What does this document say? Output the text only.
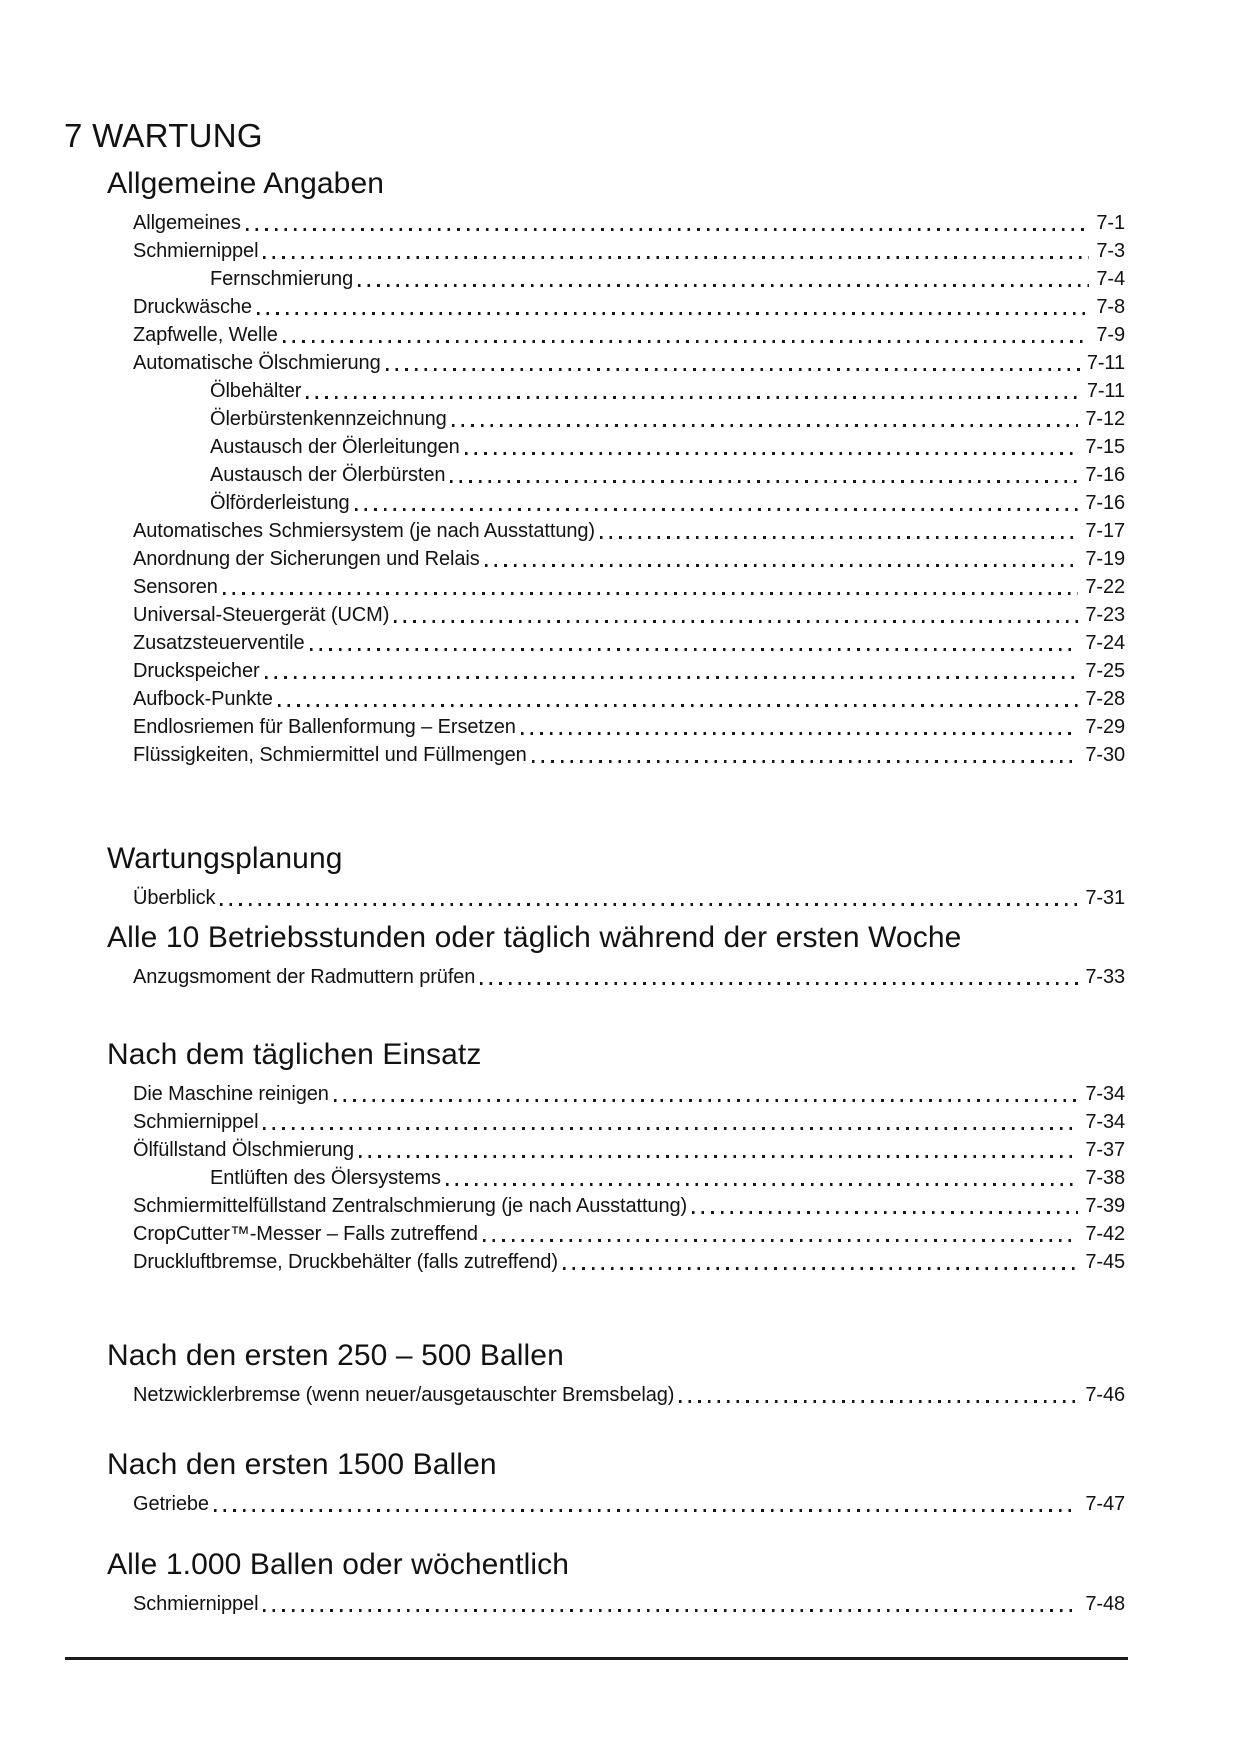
7 WARTUNG
Allgemeine Angaben
Allgemeines	7-1
Schmiernippel	7-3
Fernschmierung	7-4
Druckwäsche	7-8
Zapfwelle, Welle	7-9
Automatische Ölschmierung	7-11
Ölbehälter	7-11
Ölerbürstenkennzeichnung	7-12
Austausch der Ölerleitungen	7-15
Austausch der Ölerbürsten	7-16
Ölförderleistung	7-16
Automatisches Schmiersystem (je nach Ausstattung)	7-17
Anordnung der Sicherungen und Relais	7-19
Sensoren	7-22
Universal-Steuergerät (UCM)	7-23
Zusatzsteuerventile	7-24
Druckspeicher	7-25
Aufbock-Punkte	7-28
Endlosriemen für Ballenformung – Ersetzen	7-29
Flüssigkeiten, Schmiermittel und Füllmengen	7-30
Wartungsplanung
Überblick	7-31
Alle 10 Betriebsstunden oder täglich während der ersten Woche
Anzugsmoment der Radmuttern prüfen	7-33
Nach dem täglichen Einsatz
Die Maschine reinigen	7-34
Schmiernippel	7-34
Ölfüllstand Ölschmierung	7-37
Entlüften des Ölersystems	7-38
Schmiermittelfüllstand Zentralschmierung (je nach Ausstattung)	7-39
CropCutter™-Messer – Falls zutreffend	7-42
Druckluftbremse, Druckbehälter (falls zutreffend)	7-45
Nach den ersten 250 – 500 Ballen
Netzwicklerbremse (wenn neuer/ausgetauschter Bremsbelag)	7-46
Nach den ersten 1500 Ballen
Getriebe	7-47
Alle 1.000 Ballen oder wöchentlich
Schmiernippel	7-48
